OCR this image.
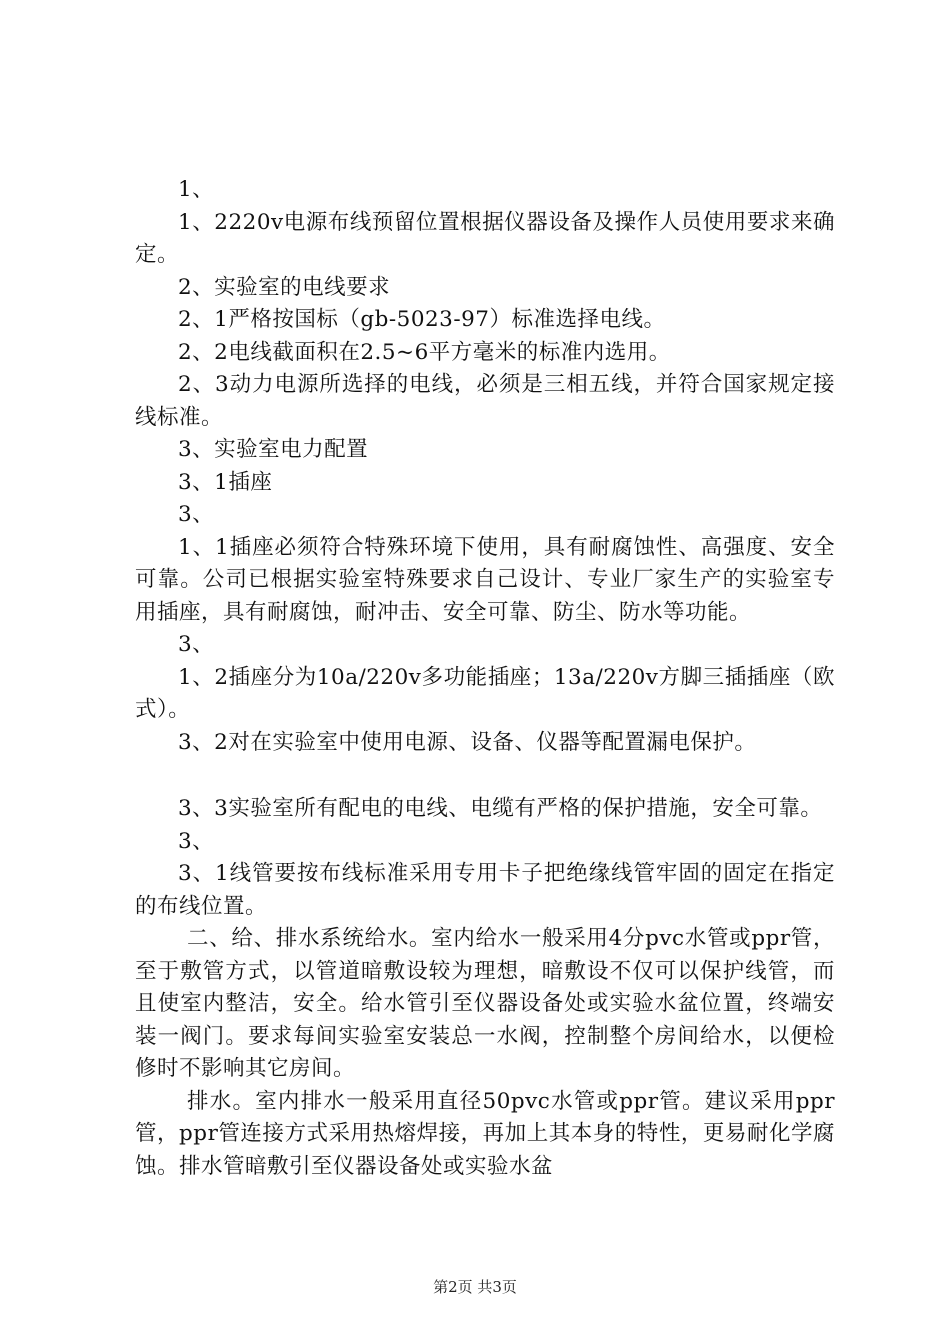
1、

1、2220v电源布线预留位置根据仪器设备及操作人员使用要求来确定。

2、实验室的电线要求

2、1严格按国标（gb-5023-97）标准选择电线。

2、2电线截面积在2.5~6平方毫米的标准内选用。

2、3动力电源所选择的电线，必须是三相五线，并符合国家规定接线标准。

3、实验室电力配置

3、1插座

3、

1、1插座必须符合特殊环境下使用，具有耐腐蚀性、高强度、安全可靠。公司已根据实验室特殊要求自己设计、专业厂家生产的实验室专用插座，具有耐腐蚀，耐冲击、安全可靠、防尘、防水等功能。

3、

1、2插座分为10a/220v多功能插座；13a/220v方脚三插插座（欧式）。

3、2对在实验室中使用电源、设备、仪器等配置漏电保护。

3、3实验室所有配电的电线、电缆有严格的保护措施，安全可靠。

3、

3、1线管要按布线标准采用专用卡子把绝缘线管牢固的固定在指定的布线位置。

二、给、排水系统给水。室内给水一般采用4分pvc水管或ppr管，至于敷管方式，以管道暗敷设较为理想，暗敷设不仅可以保护线管，而且使室内整洁，安全。给水管引至仪器设备处或实验水盆位置，终端安装一阀门。要求每间实验室安装总一水阀，控制整个房间给水，以便检修时不影响其它房间。

排水。室内排水一般采用直径50pvc水管或ppr管。建议采用ppr管，ppr管连接方式采用热熔焊接，再加上其本身的特性，更易耐化学腐蚀。排水管暗敷引至仪器设备处或实验水盆

第2页 共3页
